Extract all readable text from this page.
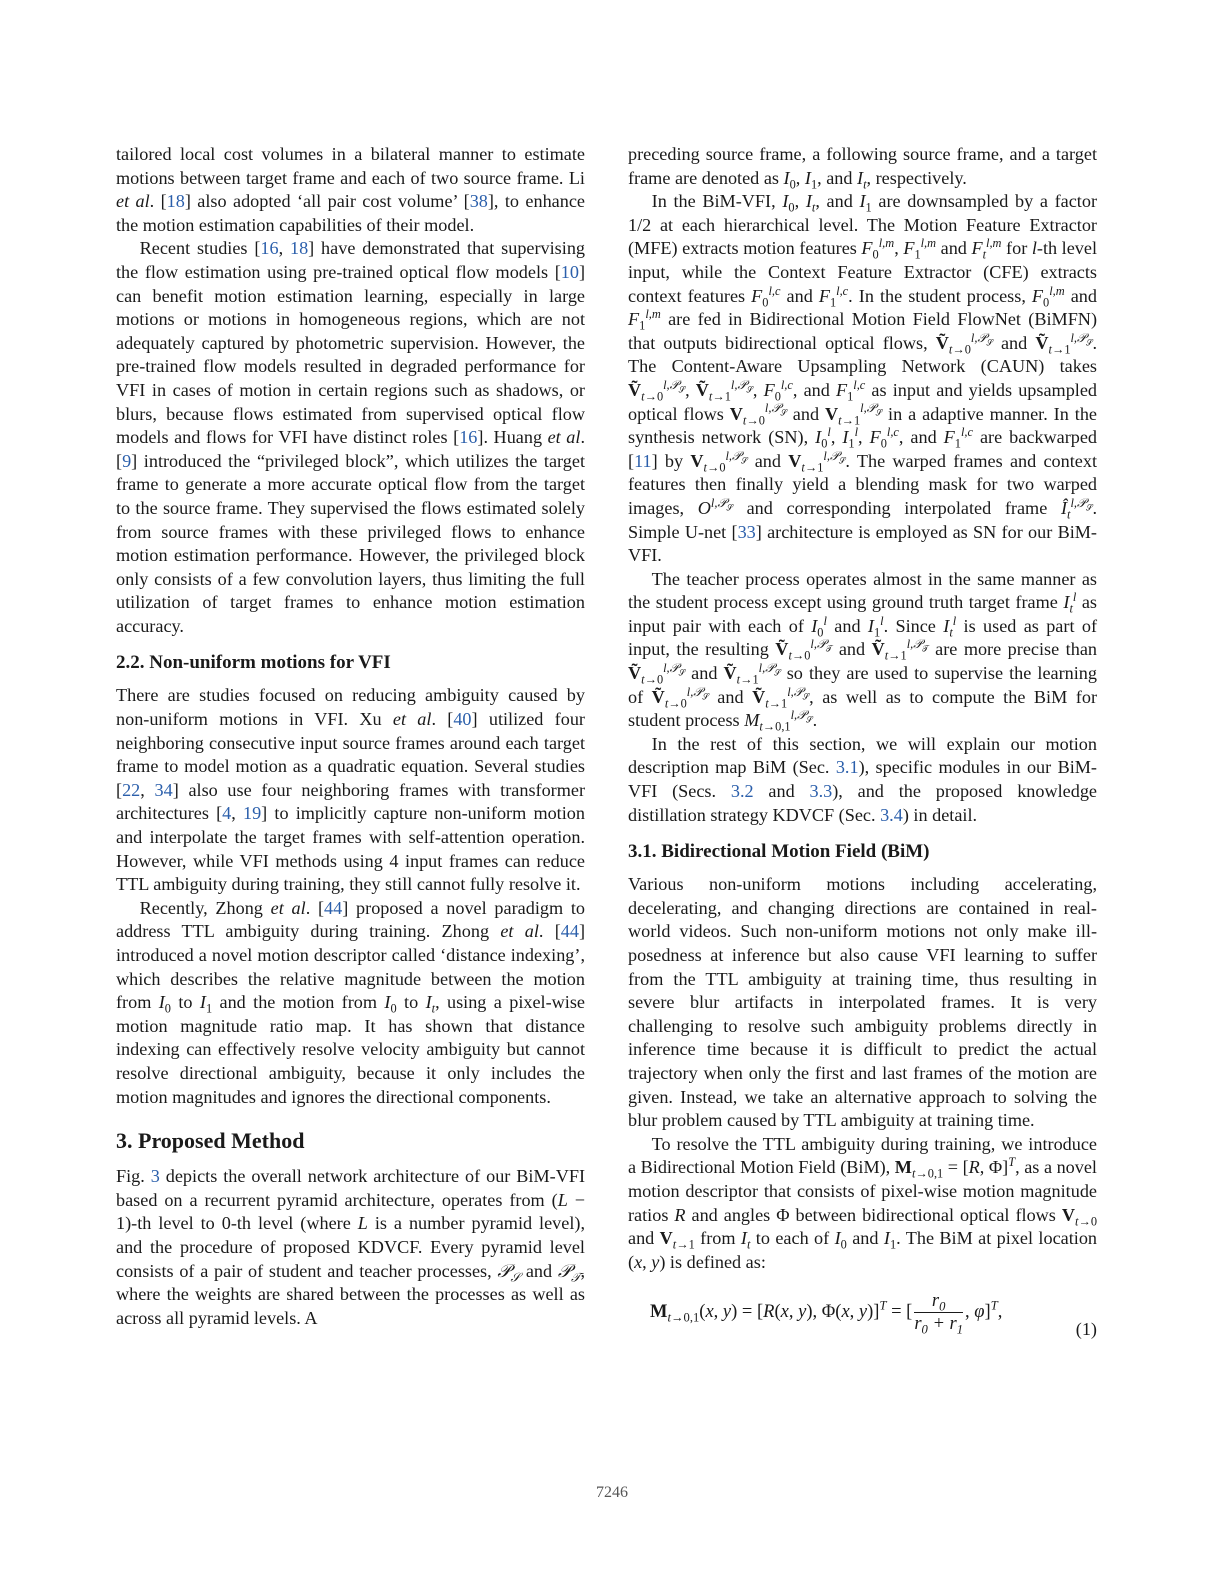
tailored local cost volumes in a bilateral manner to estimate motions between target frame and each of two source frame. Li et al. [18] also adopted ‘all pair cost volume’ [38], to enhance the motion estimation capabilities of their model.

Recent studies [16, 18] have demonstrated that supervising the flow estimation using pre-trained optical flow models [10] can benefit motion estimation learning, especially in large motions or motions in homogeneous regions, which are not adequately captured by photometric supervision. However, the pre-trained flow models resulted in degraded performance for VFI in cases of motion in certain regions such as shadows, or blurs, because flows estimated from supervised optical flow models and flows for VFI have distinct roles [16]. Huang et al. [9] introduced the “privileged block”, which utilizes the target frame to generate a more accurate optical flow from the target to the source frame. They supervised the flows estimated solely from source frames with these privileged flows to enhance motion estimation performance. However, the privileged block only consists of a few convolution layers, thus limiting the full utilization of target frames to enhance motion estimation accuracy.

2.2. Non-uniform motions for VFI

There are studies focused on reducing ambiguity caused by non-uniform motions in VFI. Xu et al. [40] utilized four neighboring consecutive input source frames around each target frame to model motion as a quadratic equation. Several studies [22, 34] also use four neighboring frames with transformer architectures [4, 19] to implicitly capture non-uniform motion and interpolate the target frames with self-attention operation. However, while VFI methods using 4 input frames can reduce TTL ambiguity during training, they still cannot fully resolve it.

Recently, Zhong et al. [44] proposed a novel paradigm to address TTL ambiguity during training. Zhong et al. [44] introduced a novel motion descriptor called ‘distance indexing’, which describes the relative magnitude between the motion from $I_0$ to $I_1$ and the motion from $I_0$ to $I_t$, using a pixel-wise motion magnitude ratio map. It has shown that distance indexing can effectively resolve velocity ambiguity but cannot resolve directional ambiguity, because it only includes the motion magnitudes and ignores the directional components.

3. Proposed Method

Fig. 3 depicts the overall network architecture of our BiM-VFI based on a recurrent pyramid architecture, operates from (L − 1)-th level to 0-th level (where L is a number pyramid level), and the procedure of proposed KDVCF. Every pyramid level consists of a pair of student and teacher processes, 𝒫$_𝒮$ and 𝒫$_𝒯$, where the weights are shared between the processes as well as across all pyramid levels. A

preceding source frame, a following source frame, and a target frame are denoted as $I_0$, $I_1$, and $I_t$, respectively.

In the BiM-VFI, $I_0$, $I_t$, and $I_1$ are downsampled by a factor 1/2 at each hierarchical level. The Motion Feature Extractor (MFE) extracts motion features $F_0^{l,m}$, $F_1^{l,m}$ and $F_t^{l,m}$ for l-th level input, while the Context Feature Extractor (CFE) extracts context features $F_0^{l,c}$ and $F_1^{l,c}$. In the student process, $F_0^{l,m}$ and $F_1^{l,m}$ are fed in Bidirectional Motion Field FlowNet (BiMFN) that outputs bidirectional optical flows, Ṽ$_{t\to 0}^{l,𝒫_𝒮}$ and Ṽ$_{t\to 1}^{l,𝒫_𝒮}$. The Content-Aware Upsampling Network (CAUN) takes Ṽ$_{t\to 0}^{l,𝒫_𝒮}$, Ṽ$_{t\to 1}^{l,𝒫_𝒮}$, $F_0^{l,c}$, and $F_1^{l,c}$ as input and yields upsampled optical flows $V_{t\to 0}^{l,𝒫_𝒮}$ and $V_{t\to 1}^{l,𝒫_𝒮}$ in a adaptive manner. In the synthesis network (SN), $I_0^l$, $I_1^l$, $F_0^{l,c}$, and $F_1^{l,c}$ are backwarped [11] by $V_{t\to 0}^{l,𝒫_𝒮}$ and $V_{t\to 1}^{l,𝒫_𝒮}$. The warped frames and context features then finally yield a blending mask for two warped images, $O^{l,𝒫_𝒮}$ and corresponding interpolated frame $Î_t^{l,𝒫_𝒮}$. Simple U-net [33] architecture is employed as SN for our BiM-VFI.

The teacher process operates almost in the same manner as the student process except using ground truth target frame $I_t^l$ as input pair with each of $I_0^l$ and $I_1^l$. Since $I_t^l$ is used as part of input, the resulting Ṽ$_{t\to 0}^{l,𝒫_𝒯}$ and Ṽ$_{t\to 1}^{l,𝒫_𝒯}$ are more precise than Ṽ$_{t\to 0}^{l,𝒫_𝒮}$ and Ṽ$_{t\to 1}^{l,𝒫_𝒮}$ so they are used to supervise the learning of Ṽ$_{t\to 0}^{l,𝒫_𝒮}$ and Ṽ$_{t\to 1}^{l,𝒫_𝒮}$, as well as to compute the BiM for student process $M_{t\to 0,1}^{l,𝒫_𝒮}$.

In the rest of this section, we will explain our motion description map BiM (Sec. 3.1), specific modules in our BiM-VFI (Secs. 3.2 and 3.3), and the proposed knowledge distillation strategy KDVCF (Sec. 3.4) in detail.

3.1. Bidirectional Motion Field (BiM)

Various non-uniform motions including accelerating, decelerating, and changing directions are contained in real-world videos. Such non-uniform motions not only make ill-posedness at inference but also cause VFI learning to suffer from the TTL ambiguity at training time, thus resulting in severe blur artifacts in interpolated frames. It is very challenging to resolve such ambiguity problems directly in inference time because it is difficult to predict the actual trajectory when only the first and last frames of the motion are given. Instead, we take an alternative approach to solving the blur problem caused by TTL ambiguity at training time.

To resolve the TTL ambiguity during training, we introduce a Bidirectional Motion Field (BiM), $M_{t\to 0,1} = [R$, Φ]$^T$, as a novel motion descriptor that consists of pixel-wise motion magnitude ratios R and angles Φ between bidirectional optical flows $V_{t\to 0}$ and $V_{t\to 1}$ from $I_t$ to each of $I_0$ and $I_1$. The BiM at pixel location (x, y) is defined as:

$M_{t\to 0,1}(x$, y) = [R(x, y), Φ(x, y)]$^T$ = [ $\frac{r_0}{r_0 + r_1}$ , φ]$^T$,
(1)
7246
